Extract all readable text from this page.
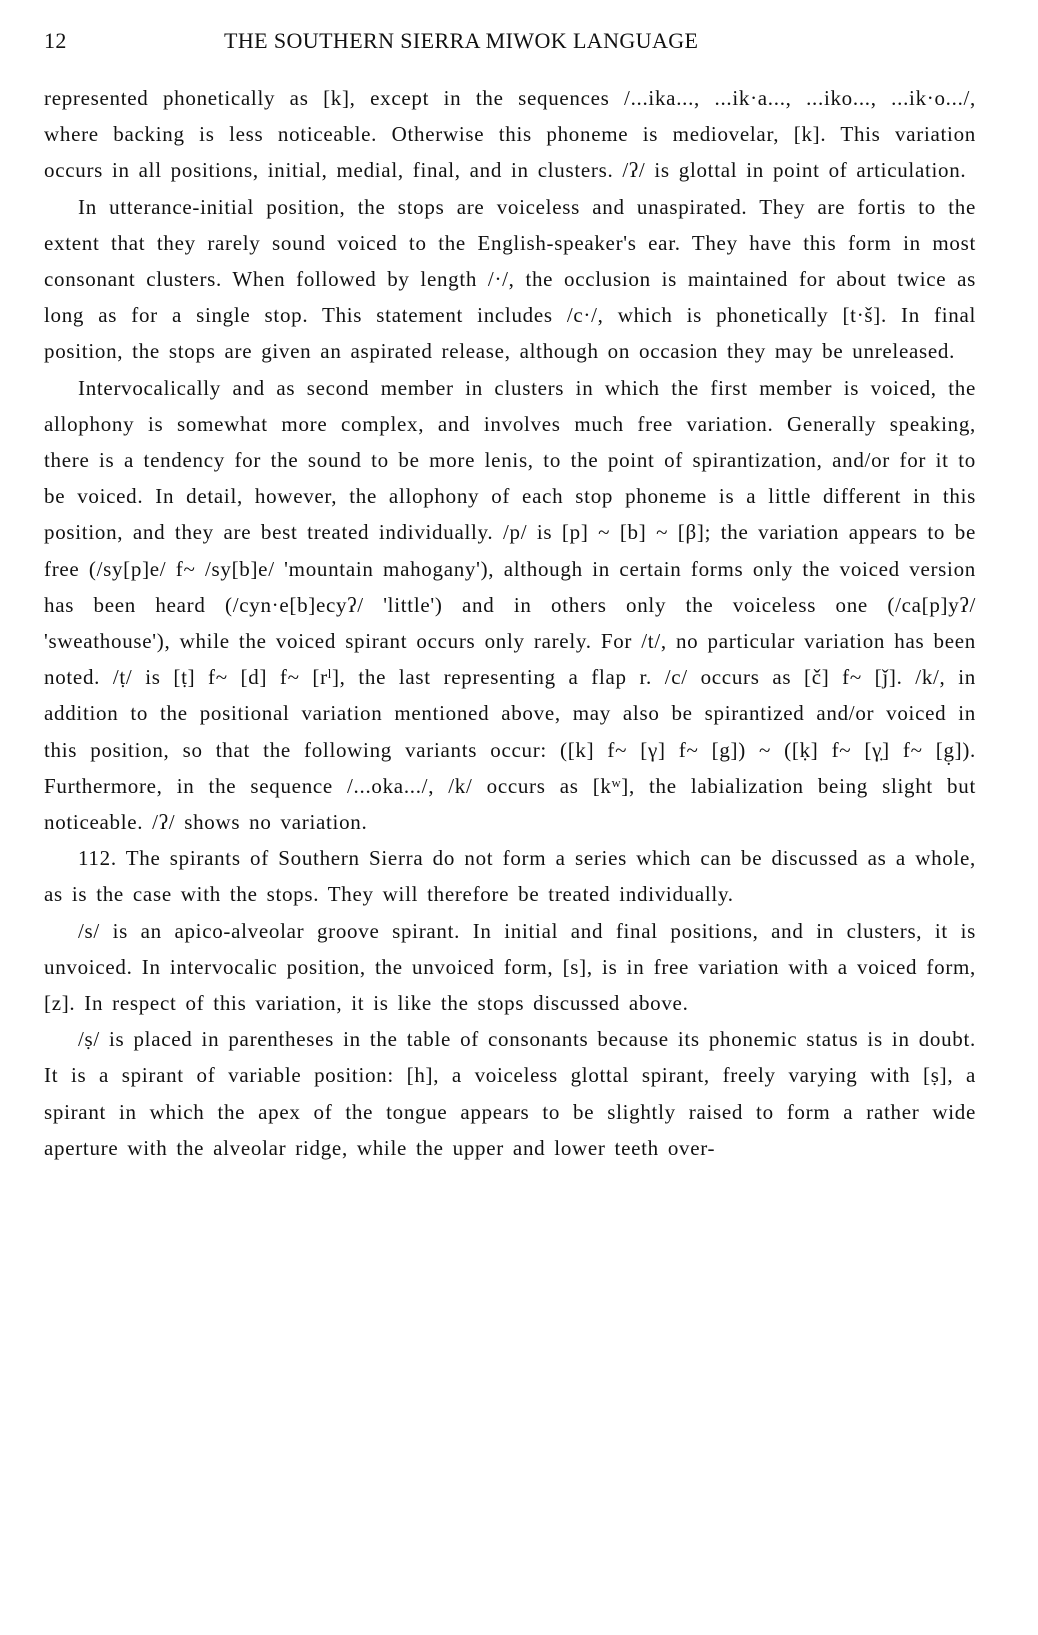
12	THE SOUTHERN SIERRA MIWOK LANGUAGE

represented phonetically as [k], except in the sequences /...ika..., ...ik·a..., ...iko..., ...ik·o.../, where backing is less noticeable. Otherwise this phoneme is mediovelar, [k]. This variation occurs in all positions, initial, medial, final, and in clusters. /ʔ/ is glottal in point of articulation.

In utterance-initial position, the stops are voiceless and unaspirated. They are fortis to the extent that they rarely sound voiced to the English-speaker's ear. They have this form in most consonant clusters. When followed by length /·/, the occlusion is maintained for about twice as long as for a single stop. This statement includes /c·/, which is phonetically [t·š]. In final position, the stops are given an aspirated release, although on occasion they may be unreleased.

Intervocalically and as second member in clusters in which the first member is voiced, the allophony is somewhat more complex, and involves much free variation. Generally speaking, there is a tendency for the sound to be more lenis, to the point of spirantization, and/or for it to be voiced. In detail, however, the allophony of each stop phoneme is a little different in this position, and they are best treated individually. /p/ is [p] ~ [b] ~ [β]; the variation appears to be free (/sy[p]e/ f~ /sy[b]e/ 'mountain mahogany'), although in certain forms only the voiced version has been heard (/cyn·e[b]ecyʔ/ 'little') and in others only the voiceless one (/ca[p]yʔ/ 'sweathouse'), while the voiced spirant occurs only rarely. For /t/, no particular variation has been noted. /ṭ/ is [ṭ] f~ [d] f~ [rˡ], the last representing a flap r. /c/ occurs as [č] f~ [ǰ]. /k/, in addition to the positional variation mentioned above, may also be spirantized and/or voiced in this position, so that the following variants occur: ([k] f~ [γ] f~ [g]) ~ ([ḳ] f~ [γ̣] f~ [g̣]). Furthermore, in the sequence /...oka.../, /k/ occurs as [kʷ], the labialization being slight but noticeable. /ʔ/ shows no variation.

112. The spirants of Southern Sierra do not form a series which can be discussed as a whole, as is the case with the stops. They will therefore be treated individually.

/s/ is an apico-alveolar groove spirant. In initial and final positions, and in clusters, it is unvoiced. In intervocalic position, the unvoiced form, [s], is in free variation with a voiced form, [z]. In respect of this variation, it is like the stops discussed above.

/ṣ/ is placed in parentheses in the table of consonants because its phonemic status is in doubt. It is a spirant of variable position: [h], a voiceless glottal spirant, freely varying with [ṣ], a spirant in which the apex of the tongue appears to be slightly raised to form a rather wide aperture with the alveolar ridge, while the upper and lower teeth over-
